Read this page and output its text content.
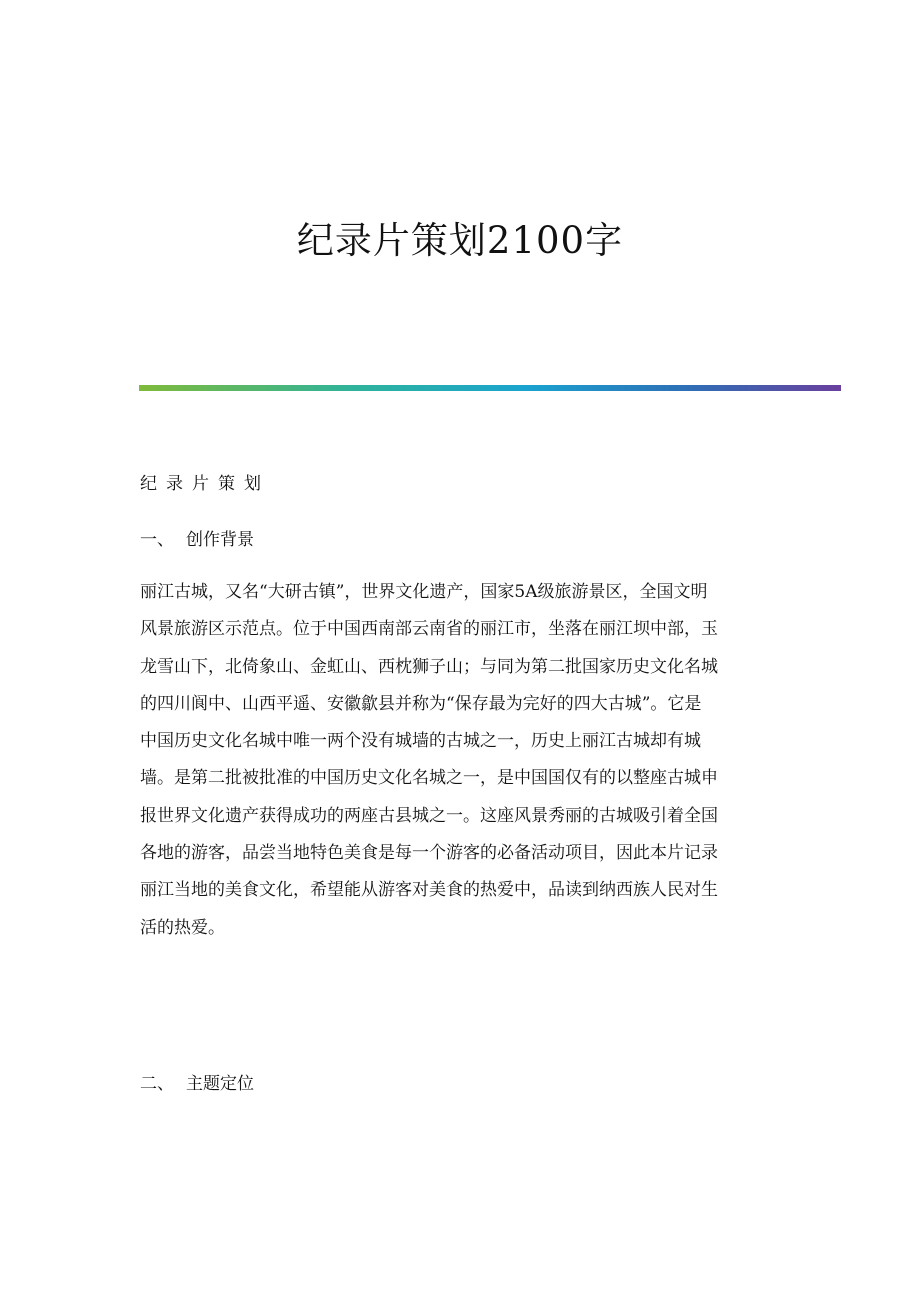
纪录片策划2100字
纪录片策划
一、 创作背景

丽江古城，又名“大研古镇”，世界文化遗产，国家5A级旅游景区，全国文明
风景旅游区示范点。位于中国西南部云南省的丽江市，坐落在丽江坝中部，玉
龙雪山下，北倚象山、金虹山、西枕狮子山；与同为第二批国家历史文化名城
的四川阆中、山西平遥、安徽歙县并称为“保存最为完好的四大古城”。它是
中国历史文化名城中唯一两个没有城墙的古城之一，历史上丽江古城却有城
墙。是第二批被批准的中国历史文化名城之一，是中国国仅有的以整座古城申
报世界文化遗产获得成功的两座古县城之一。这座风景秀丽的古城吸引着全国
各地的游客，品尝当地特色美食是每一个游客的必备活动项目，因此本片记录
丽江当地的美食文化，希望能从游客对美食的热爱中，品读到纳西族人民对生
活的热爱。

二、 主题定位
